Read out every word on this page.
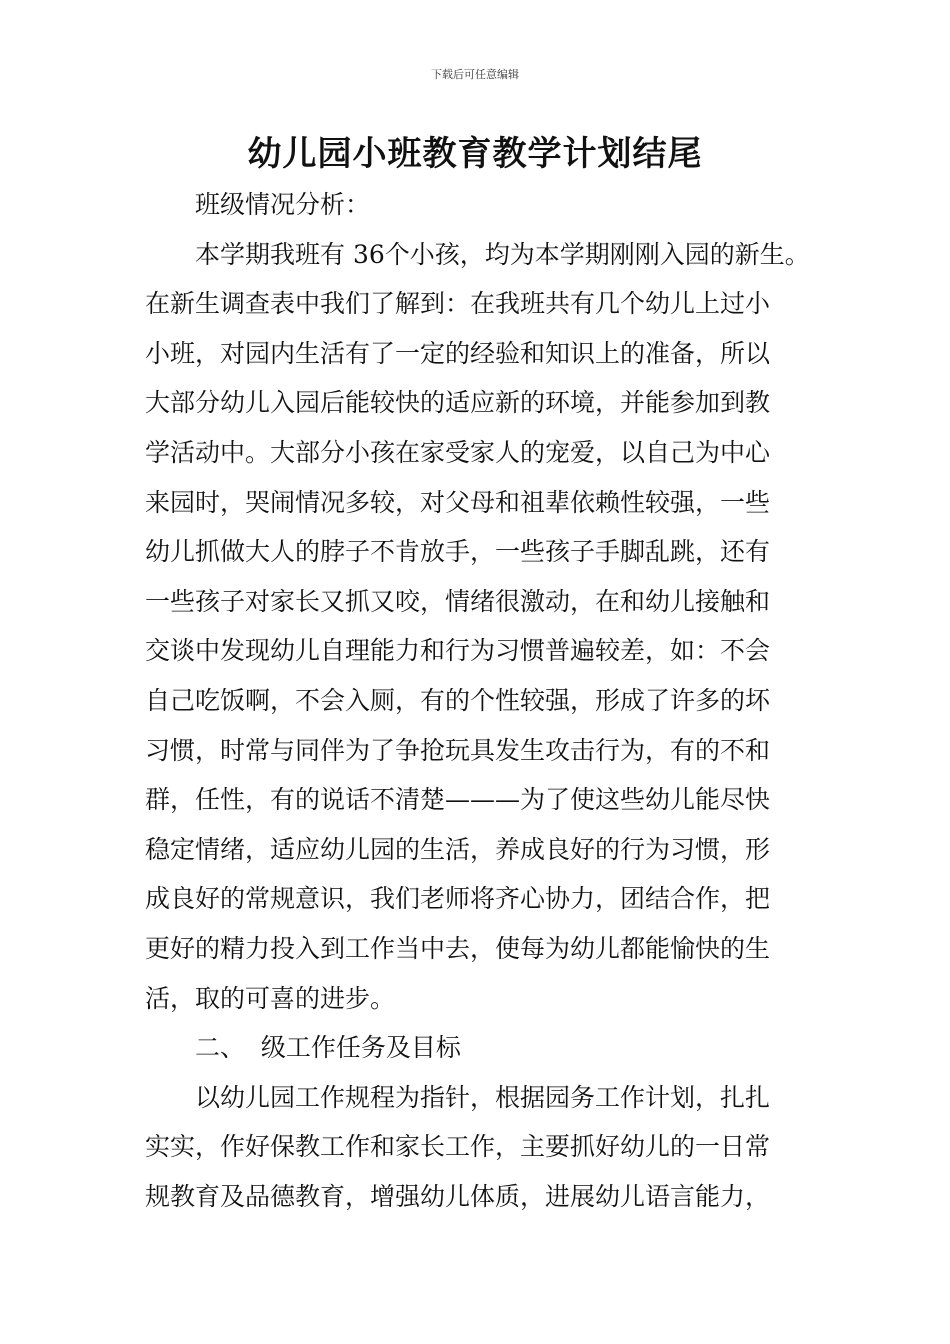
下载后可任意编辑
幼儿园小班教育教学计划结尾
班级情况分析：
本学期我班有 36个小孩，均为本学期刚刚入园的新生。
在新生调查表中我们了解到：在我班共有几个幼儿上过小
小班，对园内生活有了一定的经验和知识上的准备，所以
大部分幼儿入园后能较快的适应新的环境，并能参加到教
学活动中。大部分小孩在家受家人的宠爱，以自己为中心
来园时，哭闹情况多较，对父母和祖辈依赖性较强，一些
幼儿抓做大人的脖子不肯放手，一些孩子手脚乱跳，还有
一些孩子对家长又抓又咬，情绪很激动，在和幼儿接触和
交谈中发现幼儿自理能力和行为习惯普遍较差，如：不会
自己吃饭啊，不会入厕，有的个性较强，形成了许多的坏
习惯，时常与同伴为了争抢玩具发生攻击行为，有的不和
群，任性，有的说话不清楚———为了使这些幼儿能尽快
稳定情绪，适应幼儿园的生活，养成良好的行为习惯，形
成良好的常规意识，我们老师将齐心协力，团结合作，把
更好的精力投入到工作当中去，使每为幼儿都能愉快的生
活，取的可喜的进步。
二、  级工作任务及目标
以幼儿园工作规程为指针，根据园务工作计划，扎扎
实实，作好保教工作和家长工作，主要抓好幼儿的一日常
规教育及品德教育，增强幼儿体质，进展幼儿语言能力，
